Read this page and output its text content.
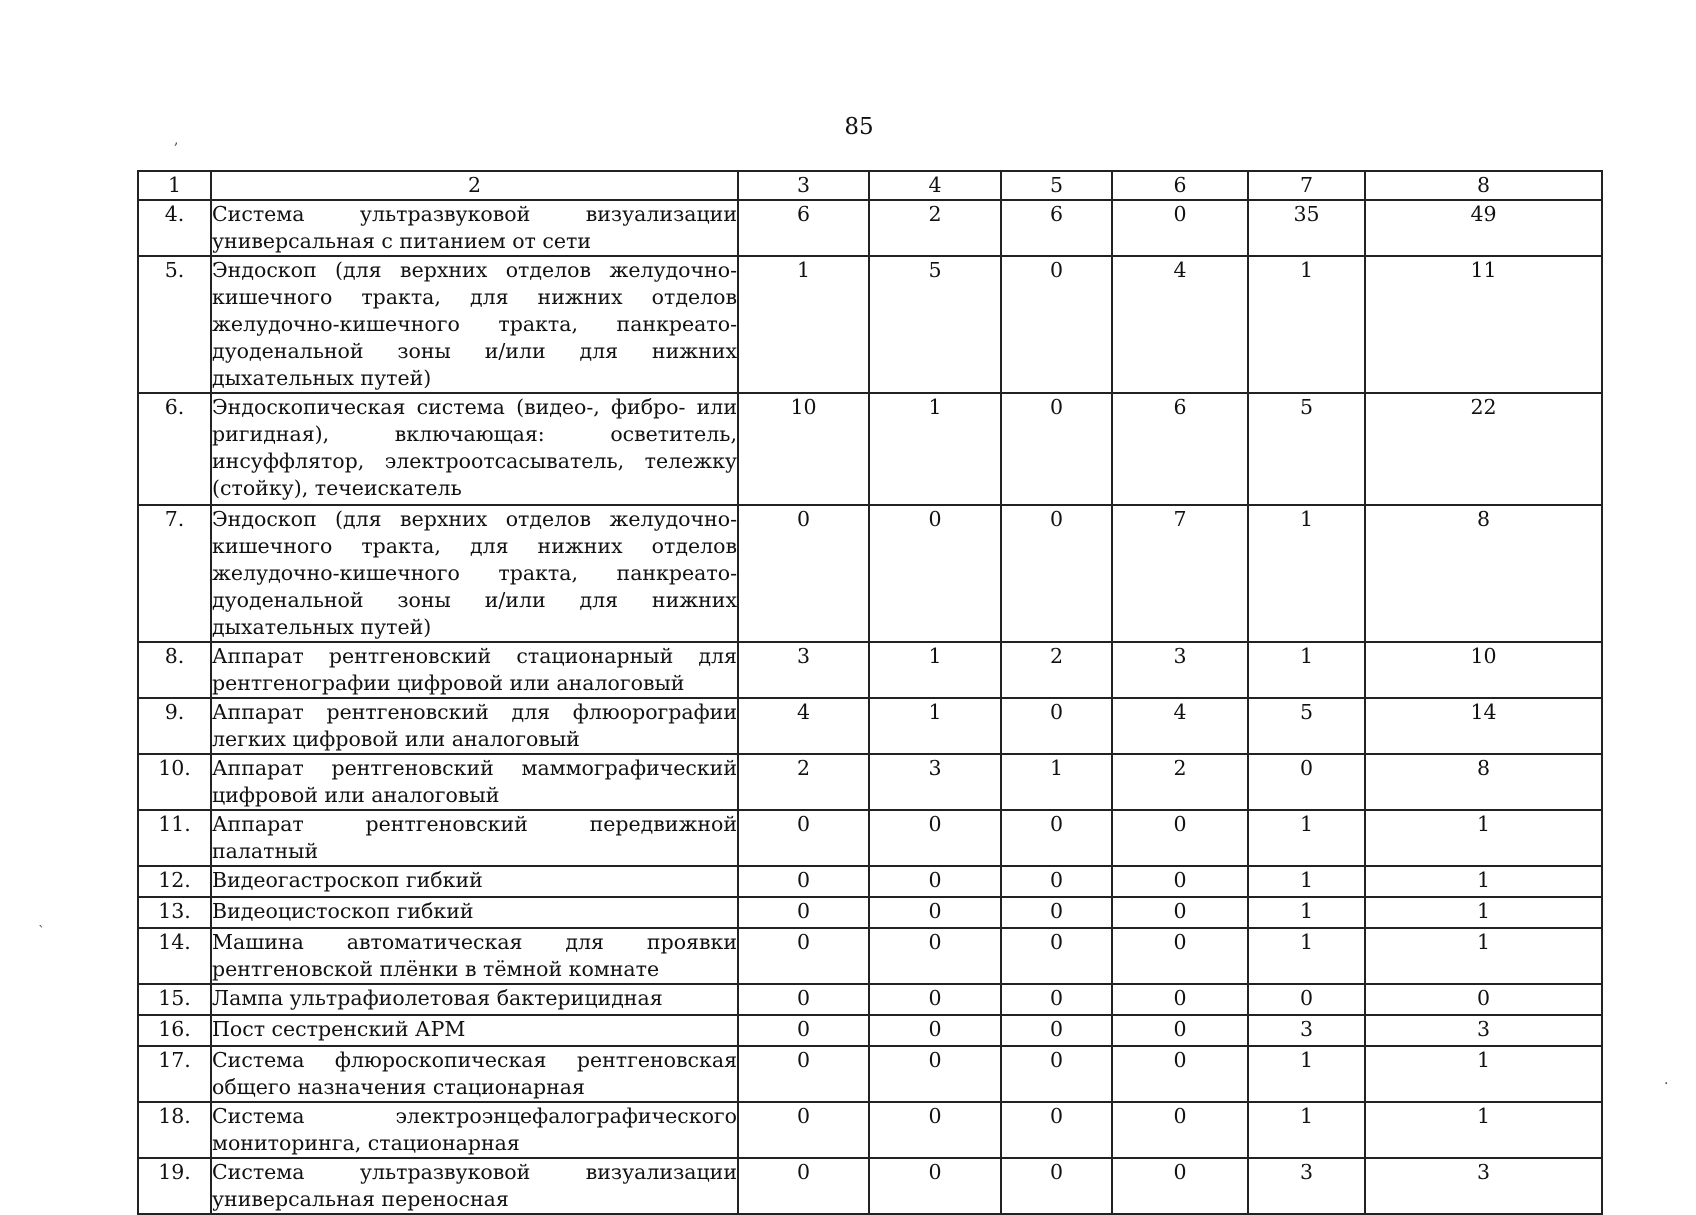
85
,
`
.
1	2	3	4	5	6	7	8
4.	Система ультразвуковой визуализации универсальная с питанием от сети	6	2	6	0	35	49
5.	Эндоскоп (для верхних отделов желудочно-кишечного тракта, для нижних отделов желудочно-кишечного тракта, панкреато-дуоденальной зоны и/или для нижних дыхательных путей)	1	5	0	4	1	11
6.	Эндоскопическая система (видео-, фибро- или ригидная), включающая: осветитель, инсуффлятор, электроотсасыватель, тележку (стойку), течеискатель	10	1	0	6	5	22
7.	Эндоскоп (для верхних отделов желудочно-кишечного тракта, для нижних отделов желудочно-кишечного тракта, панкреато-дуоденальной зоны и/или для нижних дыхательных путей)	0	0	0	7	1	8
8.	Аппарат рентгеновский стационарный для рентгенографии цифровой или аналоговый	3	1	2	3	1	10
9.	Аппарат рентгеновский для флюорографии легких цифровой или аналоговый	4	1	0	4	5	14
10.	Аппарат рентгеновский маммографический цифровой или аналоговый	2	3	1	2	0	8
11.	Аппарат рентгеновский передвижной палатный	0	0	0	0	1	1
12.	Видеогастроскоп гибкий	0	0	0	0	1	1
13.	Видеоцистоскоп гибкий	0	0	0	0	1	1
14.	Машина автоматическая для проявки рентгеновской плёнки в тёмной комнате	0	0	0	0	1	1
15.	Лампа ультрафиолетовая бактерицидная	0	0	0	0	0	0
16.	Пост сестренский АРМ	0	0	0	0	3	3
17.	Система флюроскопическая рентгеновская общего назначения стационарная	0	0	0	0	1	1
18.	Система электроэнцефалографического мониторинга, стационарная	0	0	0	0	1	1
19.	Система ультразвуковой визуализации универсальная переносная	0	0	0	0	3	3
